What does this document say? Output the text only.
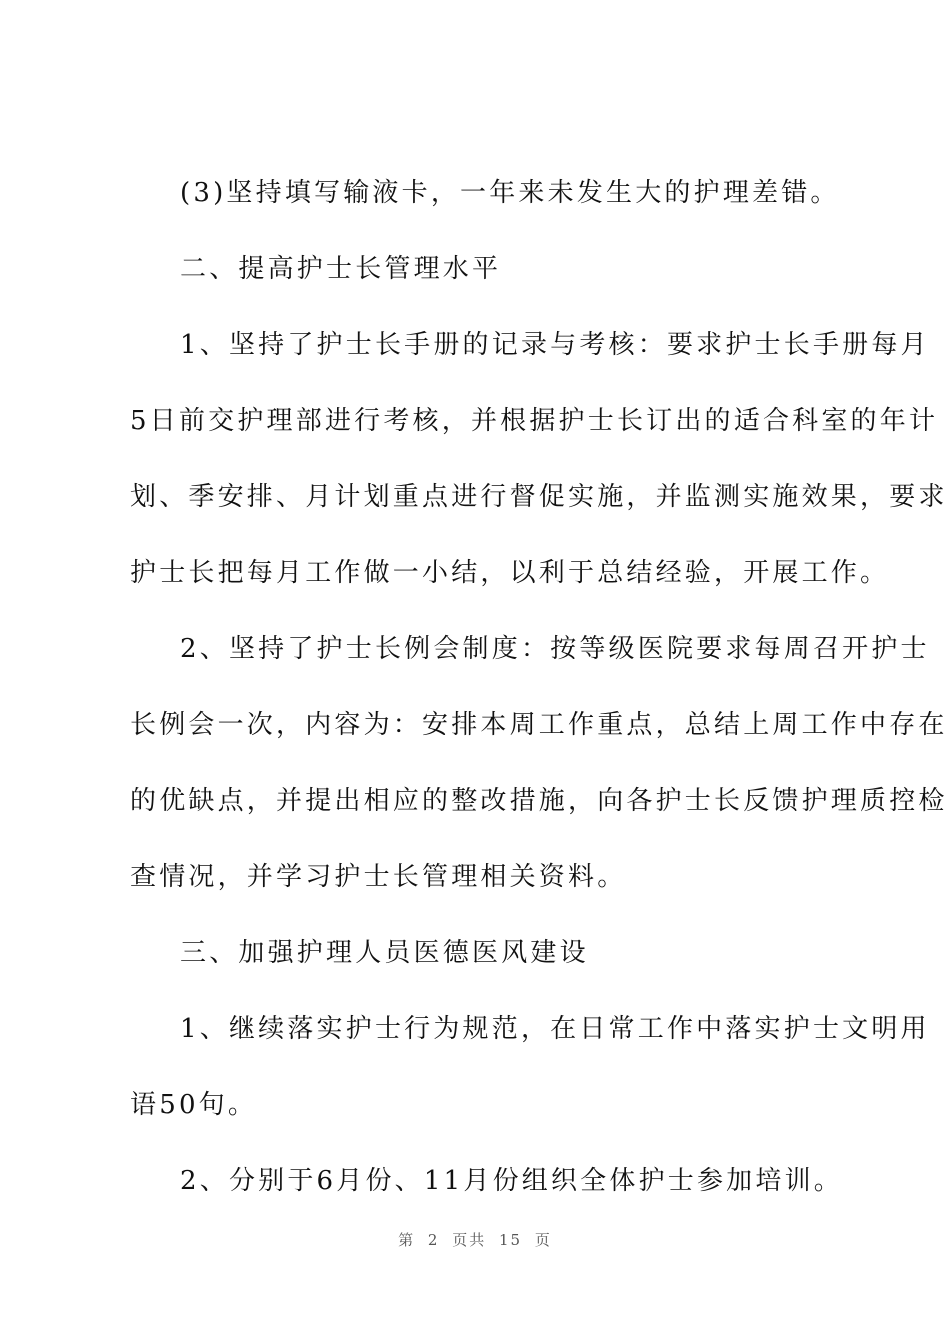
(3)坚持填写输液卡，一年来未发生大的护理差错。
二、提高护士长管理水平
1、坚持了护士长手册的记录与考核：要求护士长手册每月
5日前交护理部进行考核，并根据护士长订出的适合科室的年计
划、季安排、月计划重点进行督促实施，并监测实施效果，要求
护士长把每月工作做一小结，以利于总结经验，开展工作。
2、坚持了护士长例会制度：按等级医院要求每周召开护士
长例会一次，内容为：安排本周工作重点，总结上周工作中存在
的优缺点，并提出相应的整改措施，向各护士长反馈护理质控检
查情况，并学习护士长管理相关资料。
三、加强护理人员医德医风建设
1、继续落实护士行为规范，在日常工作中落实护士文明用
语50句。
2、分别于6月份、11月份组织全体护士参加培训。
第 2 页共 15 页
